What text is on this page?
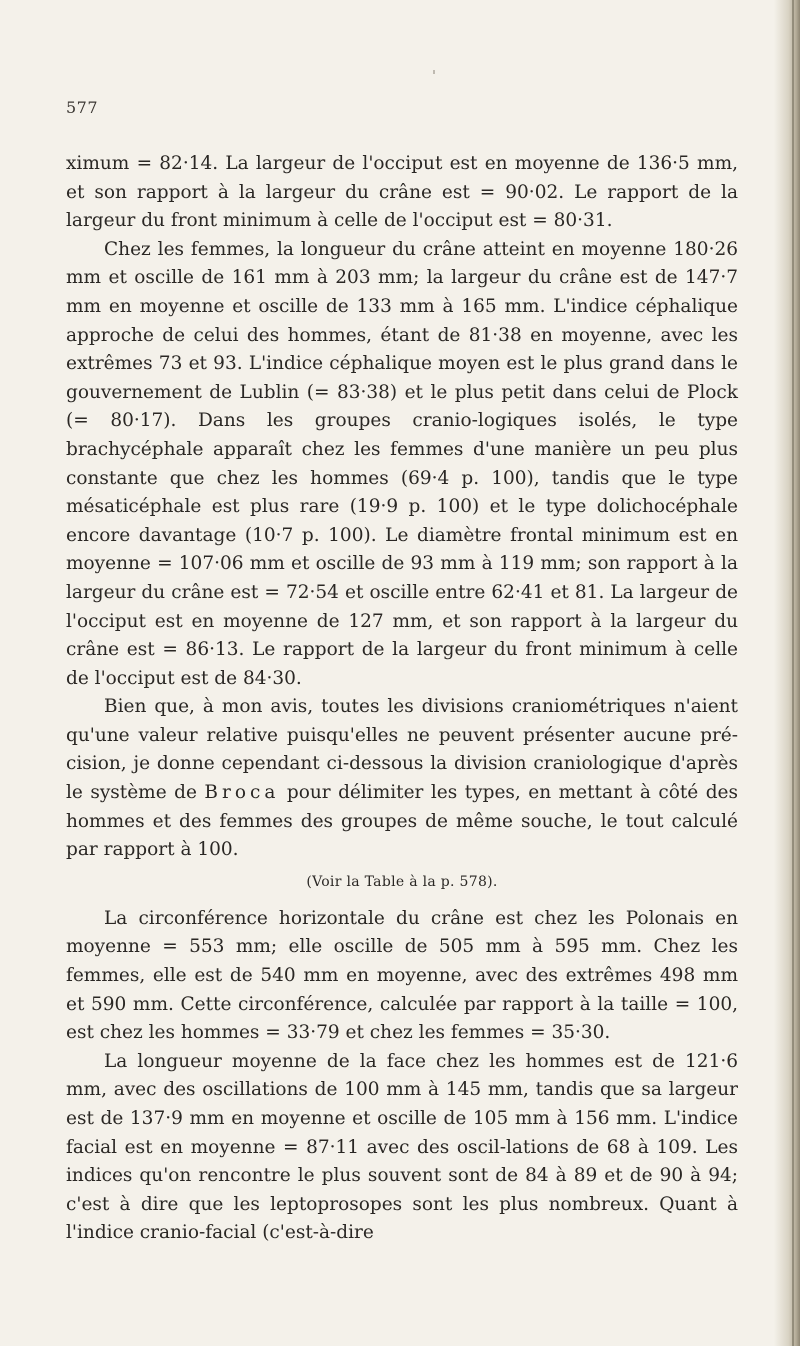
577

ximum = 82·14. La largeur de l'occiput est en moyenne de 136·5 mm, et son rapport à la largeur du crâne est = 90·02. Le rapport de la largeur du front minimum à celle de l'occiput est = 80·31.

Chez les femmes, la longueur du crâne atteint en moyenne 180·26 mm et oscille de 161 mm à 203 mm; la largeur du crâne est de 147·7 mm en moyenne et oscille de 133 mm à 165 mm. L'indice céphalique approche de celui des hommes, étant de 81·38 en moyenne, avec les extrêmes 73 et 93. L'indice céphalique moyen est le plus grand dans le gouvernement de Lublin (= 83·38) et le plus petit dans celui de Plock (= 80·17). Dans les groupes cranio-logiques isolés, le type brachycéphale apparaît chez les femmes d'une manière un peu plus constante que chez les hommes (69·4 p. 100), tandis que le type mésaticéphale est plus rare (19·9 p. 100) et le type dolichocéphale encore davantage (10·7 p. 100). Le diamètre frontal minimum est en moyenne = 107·06 mm et oscille de 93 mm à 119 mm; son rapport à la largeur du crâne est = 72·54 et oscille entre 62·41 et 81. La largeur de l'occiput est en moyenne de 127 mm, et son rapport à la largeur du crâne est = 86·13. Le rapport de la largeur du front minimum à celle de l'occiput est de 84·30.

Bien que, à mon avis, toutes les divisions craniométriques n'aient qu'une valeur relative puisqu'elles ne peuvent présenter aucune pré-cision, je donne cependant ci-dessous la division craniologique d'après le système de Broca pour délimiter les types, en mettant à côté des hommes et des femmes des groupes de même souche, le tout calculé par rapport à 100.

(Voir la Table à la p. 578).

La circonférence horizontale du crâne est chez les Polonais en moyenne = 553 mm; elle oscille de 505 mm à 595 mm. Chez les femmes, elle est de 540 mm en moyenne, avec des extrêmes 498 mm et 590 mm. Cette circonférence, calculée par rapport à la taille = 100, est chez les hommes = 33·79 et chez les femmes = 35·30.

La longueur moyenne de la face chez les hommes est de 121·6 mm, avec des oscillations de 100 mm à 145 mm, tandis que sa largeur est de 137·9 mm en moyenne et oscille de 105 mm à 156 mm. L'indice facial est en moyenne = 87·11 avec des oscil-lations de 68 à 109. Les indices qu'on rencontre le plus souvent sont de 84 à 89 et de 90 à 94; c'est à dire que les leptoprosopes sont les plus nombreux. Quant à l'indice cranio-facial (c'est-à-dire
